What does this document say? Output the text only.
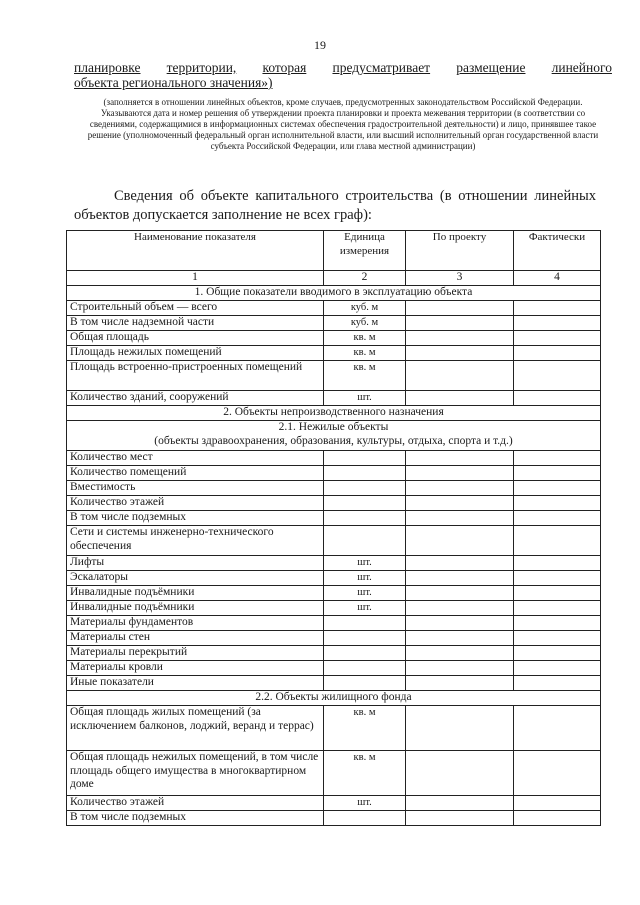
19
планировке территории, которая предусматривает размещение линейного
объекта регионального значения»)
(заполняется в отношении линейных объектов, кроме случаев, предусмотренных законодательством Российской Федерации. Указываются дата и номер решения об утверждении проекта планировки и проекта межевания территории (в соответствии со сведениями, содержащимися в информационных системах обеспечения градостроительной деятельности) и лицо, принявшее такое решение (уполномоченный федеральный орган исполнительной власти, или высший исполнительный орган государственной власти субъекта Российской Федерации, или глава местной администрации)
Сведения об объекте капитального строительства (в отношении линейных объектов допускается заполнение не всех граф):
Наименование показателя	Единица измерения	По проекту	Фактически
1	2	3	4
1. Общие показатели вводимого в эксплуатацию объекта			
Строительный объем — всего	куб. м		
В том числе надземной части	куб. м		
Общая площадь	кв. м		
Площадь нежилых помещений	кв. м		
Площадь встроенно-пристроенных помещений	кв. м		
Количество зданий, сооружений	шт.		
2. Объекты непроизводственного назначения			

2.1. Нежилые объекты
(объекты здравоохранения, образования, культуры, отдыха, спорта и т.д.)			

Количество мест			
Количество помещений			
Вместимость			
Количество этажей			
В том числе подземных			
Сети и системы инженерно-технического обеспечения			
Лифты	шт.		
Эскалаторы	шт.		
Инвалидные подъёмники	шт.		
Инвалидные подъёмники	шт.		
Материалы фундаментов			
Материалы стен			
Материалы перекрытий			
Материалы кровли			
Иные показатели			
2.2. Объекты жилищного фонда			
Общая площадь жилых помещений (за исключением балконов, лоджий, веранд и террас)	кв. м		
Общая площадь нежилых помещений, в том числе площадь общего имущества в многоквартирном доме	кв. м		
Количество этажей	шт.		
В том числе подземных			
